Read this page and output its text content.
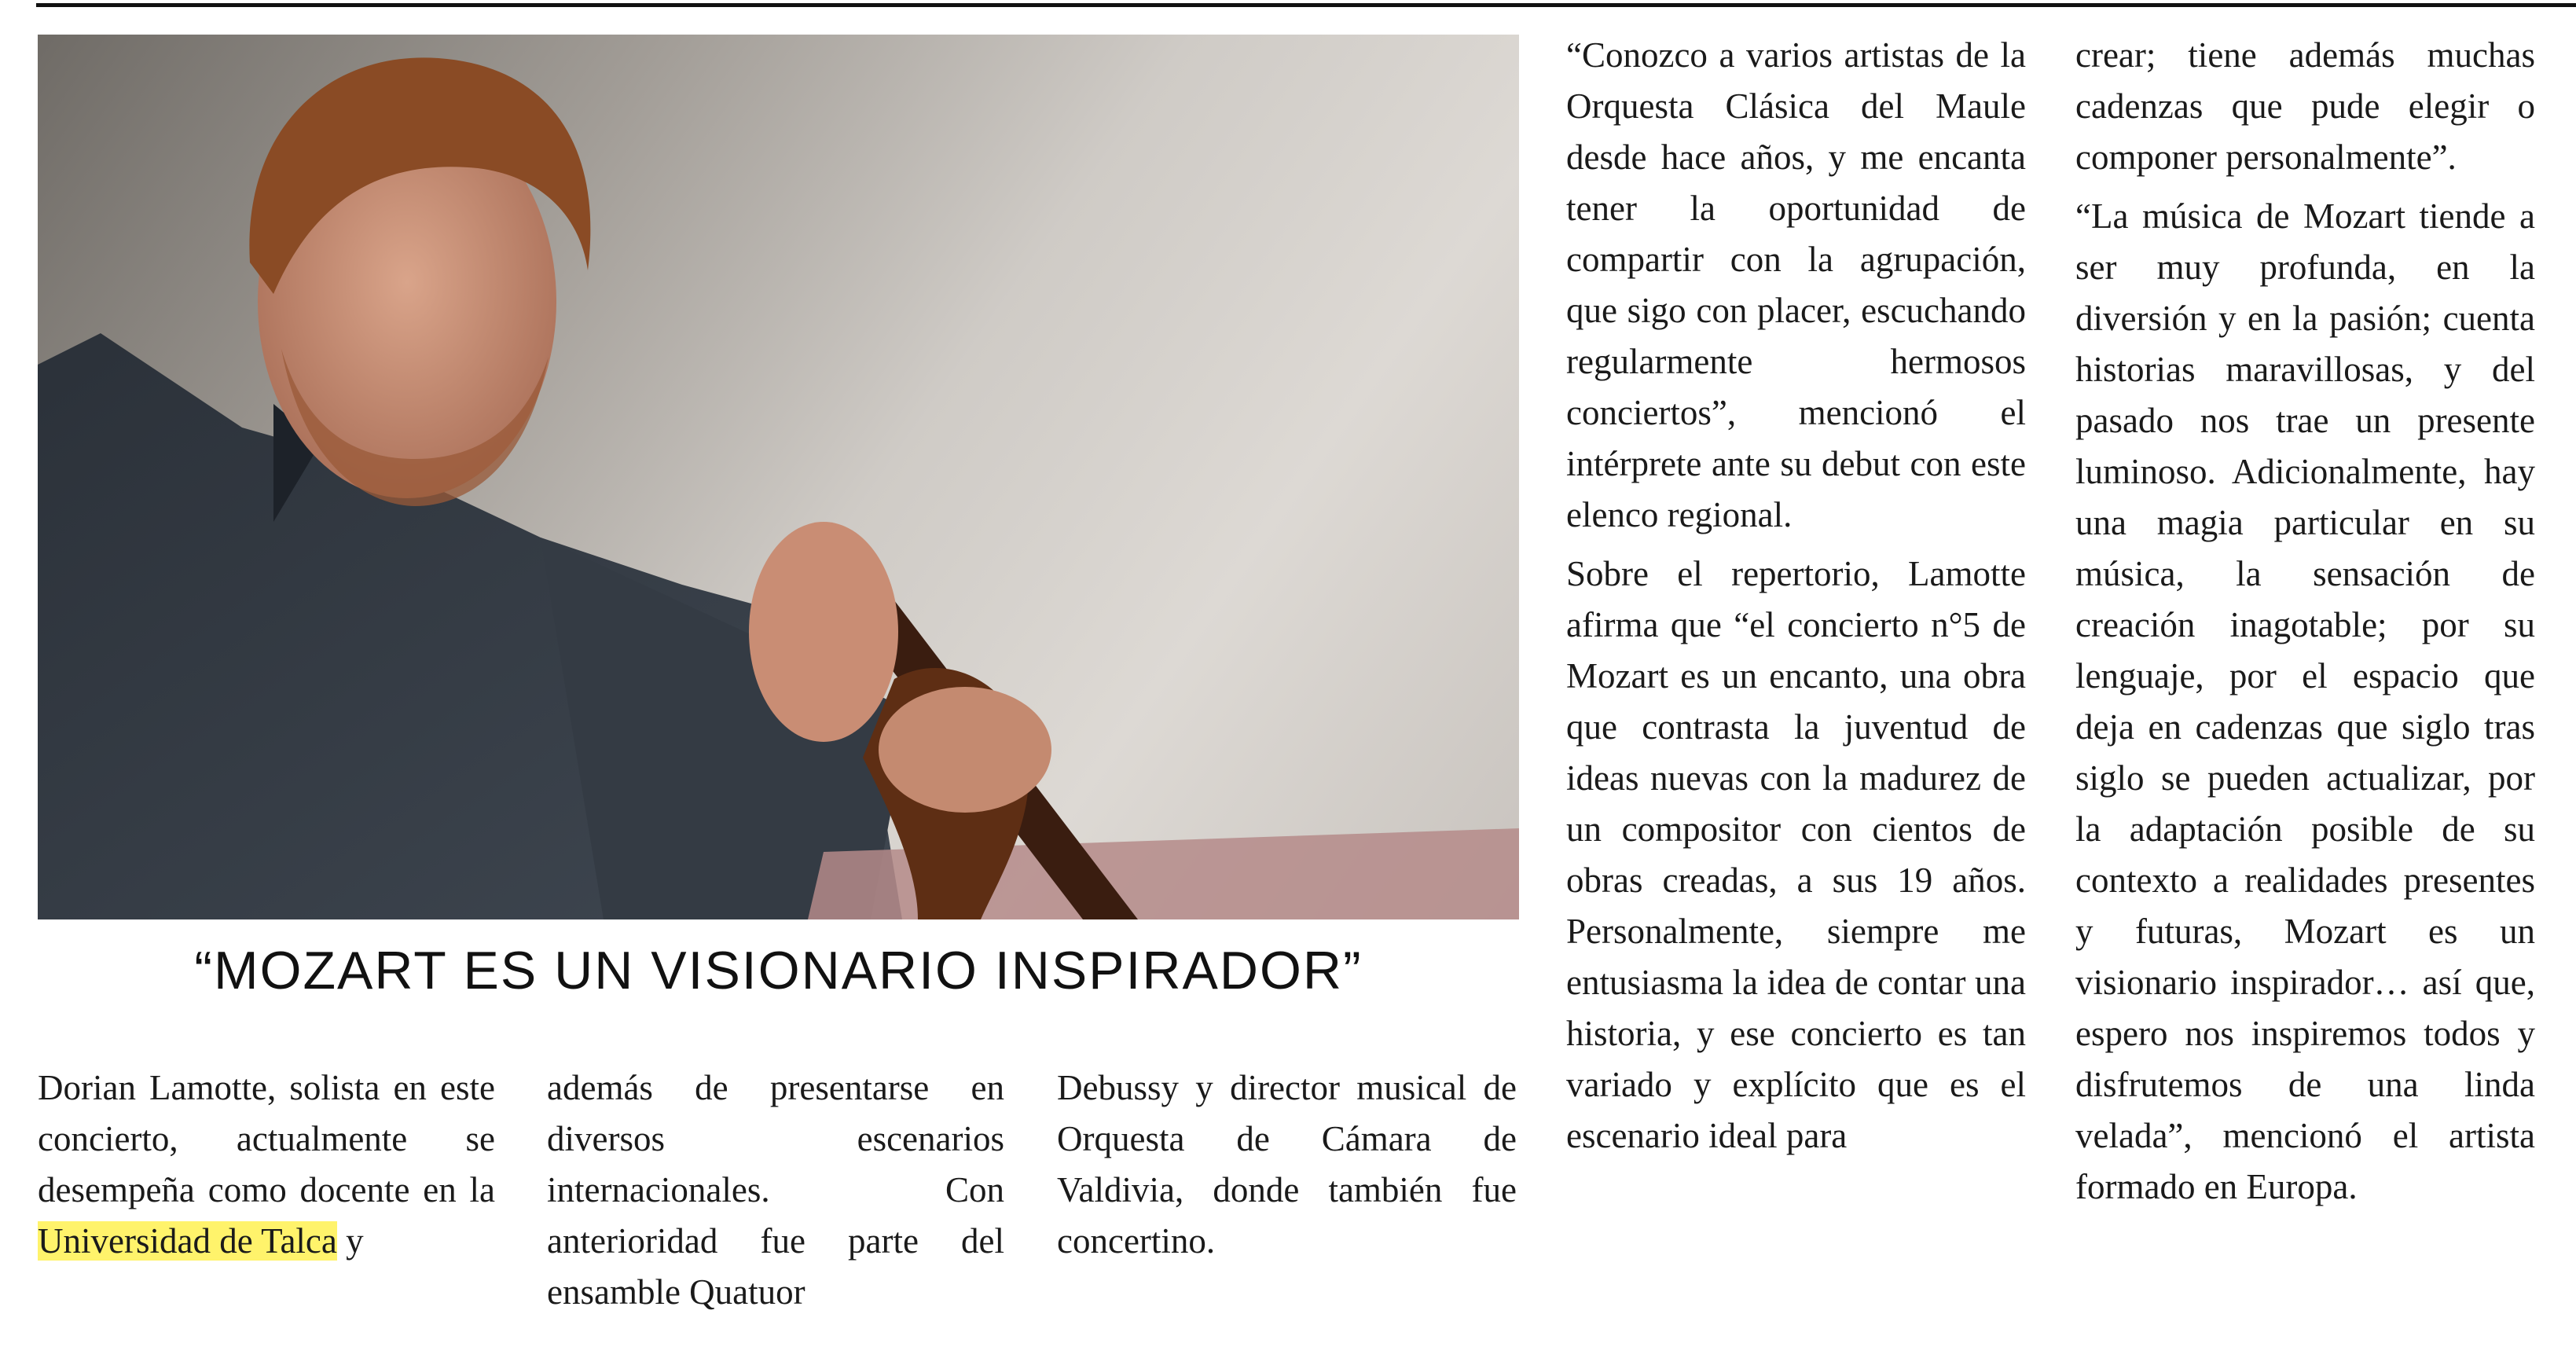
“MOZART ES UN VISIONARIO INSPIRADOR”

Dorian Lamotte, solista en este concierto, actualmente se desempeña como docente en la Universidad de Talca y

además de presentarse en diversos escenarios internacionales. Con anterioridad fue parte del ensamble Quatuor

Debussy y director musical de Orquesta de Cámara de Valdivia, donde también fue concertino.

“Conozco a varios artistas de la Orquesta Clásica del Maule desde hace años, y me encanta tener la oportunidad de compartir con la agrupación, que sigo con placer, escuchando regularmente hermosos conciertos”, mencionó el intérprete ante su debut con este elenco regional.

Sobre el repertorio, Lamotte afirma que “el concierto n°5 de Mozart es un encanto, una obra que contrasta la juventud de ideas nuevas con la madurez de un compositor con cientos de obras creadas, a sus 19 años. Personalmente, siempre me entusiasma la idea de contar una historia, y ese concierto es tan variado y explícito que es el escenario ideal para

crear; tiene además muchas cadenzas que pude elegir o componer personalmente”.

“La música de Mozart tiende a ser muy profunda, en la diversión y en la pasión; cuenta historias maravillosas, y del pasado nos trae un presente luminoso. Adicionalmente, hay una magia particular en su música, la sensación de creación inagotable; por su lenguaje, por el espacio que deja en cadenzas que siglo tras siglo se pueden actualizar, por la adaptación posible de su contexto a realidades presentes y futuras, Mozart es un visionario inspirador… así que, espero nos inspiremos todos y disfrutemos de una linda velada”, mencionó el artista formado en Europa.
